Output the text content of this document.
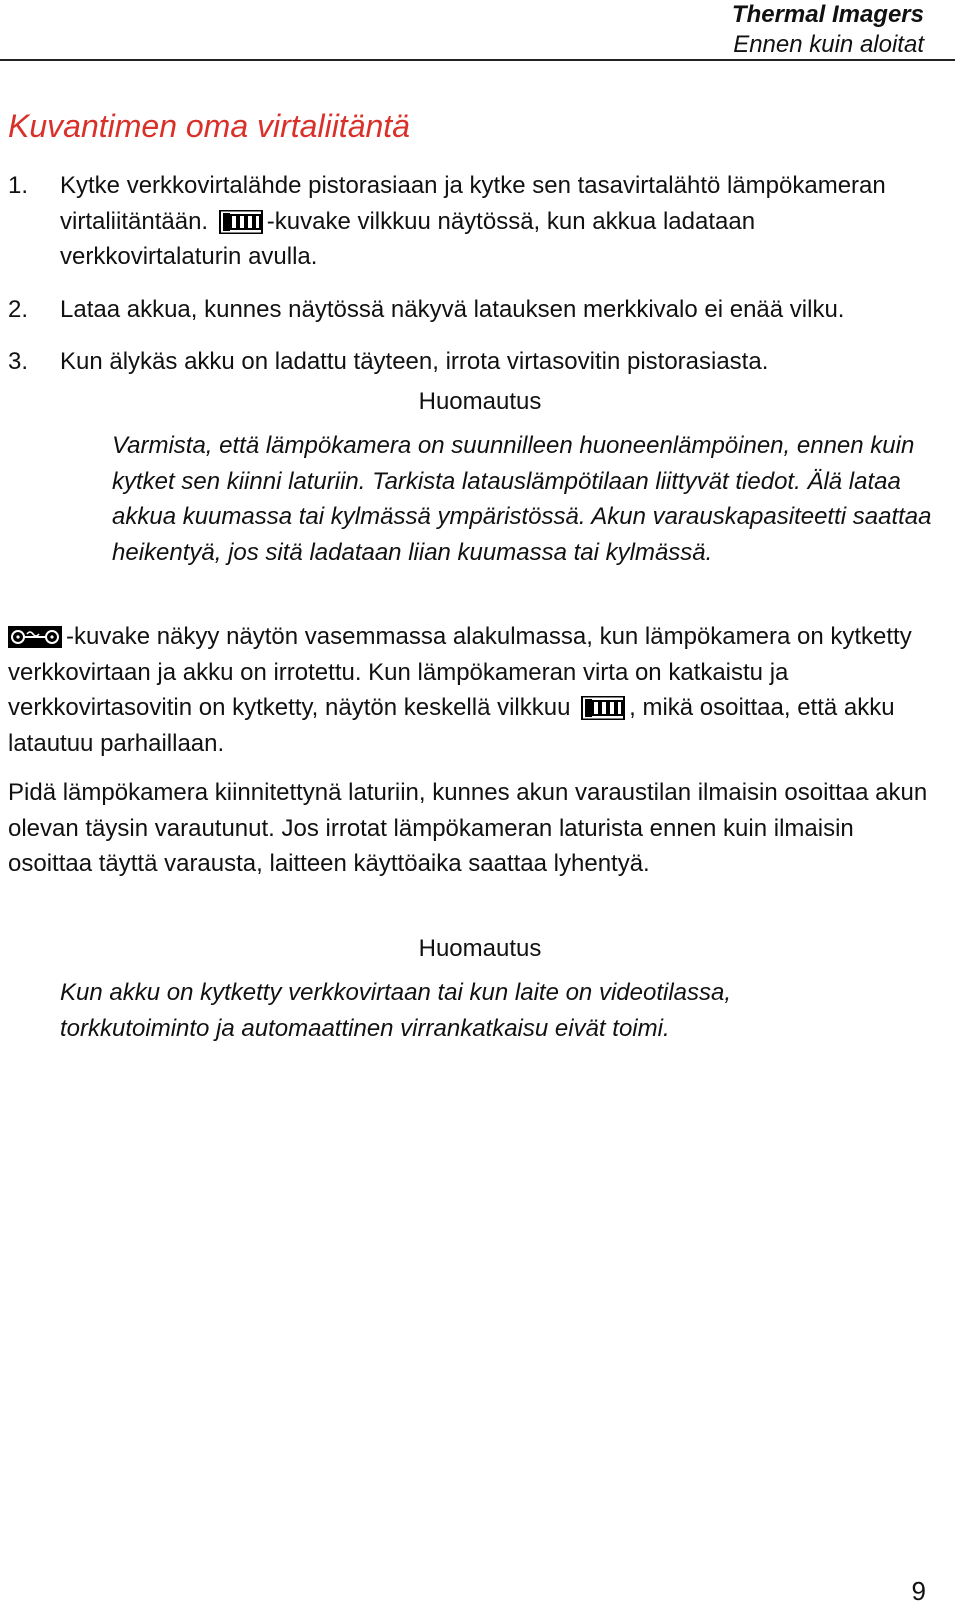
Thermal Imagers
Ennen kuin aloitat
Kuvantimen oma virtaliitäntä
1. Kytke verkkovirtalähde pistorasiaan ja kytke sen tasavirtalähtö lämpökameran virtaliitäntään. -kuvake vilkkuu näytössä, kun akkua ladataan verkkovirtalaturin avulla.
2. Lataa akkua, kunnes näytössä näkyvä latauksen merkkivalo ei enää vilku.
3. Kun älykäs akku on ladattu täyteen, irrota virtasovitin pistorasiasta.
Huomautus
Varmista, että lämpökamera on suunnilleen huoneenlämpöinen, ennen kuin kytket sen kiinni laturiin. Tarkista latauslämpötilaan liittyvät tiedot. Älä lataa akkua kuumassa tai kylmässä ympäristössä. Akun varauskapasiteetti saattaa heikentyä, jos sitä ladataan liian kuumassa tai kylmässä.
-kuvake näkyy näytön vasemmassa alakulmassa, kun lämpökamera on kytketty verkkovirtaan ja akku on irrotettu. Kun lämpökameran virta on katkaistu ja verkkovirtasovitin on kytketty, näytön keskellä vilkkuu , mikä osoittaa, että akku latautuu parhaillaan.
Pidä lämpökamera kiinnitettynä laturiin, kunnes akun varaustilan ilmaisin osoittaa akun olevan täysin varautunut. Jos irrotat lämpökameran laturista ennen kuin ilmaisin osoittaa täyttä varausta, laitteen käyttöaika saattaa lyhentyä.
Huomautus
Kun akku on kytketty verkkovirtaan tai kun laite on videotilassa, torkkutoiminto ja automaattinen virrankatkaisu eivät toimi.
9
